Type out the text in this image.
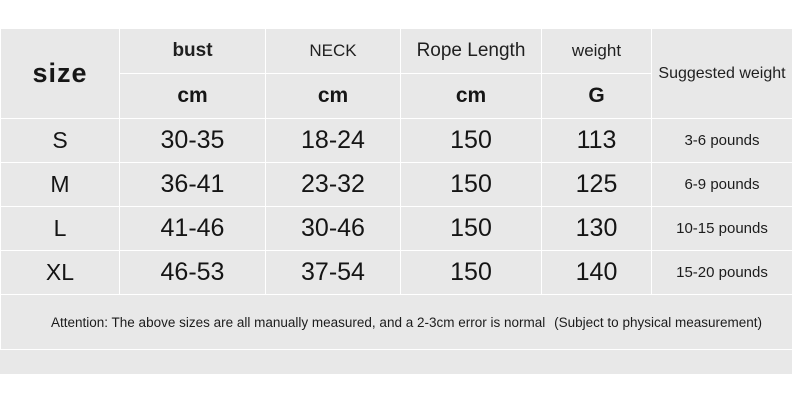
size	bust	NECK	Rope Length	weight	Suggested weight
	cm	cm	cm	G	
S	30-35	18-24	150	113	3-6 pounds
M	36-41	23-32	150	125	6-9 pounds
L	41-46	30-46	150	130	10-15 pounds
XL	46-53	37-54	150	140	15-20 pounds

Attention: The above sizes are all manually measured, and a 2-3cm error is normal (Subject to physical measurement)					
